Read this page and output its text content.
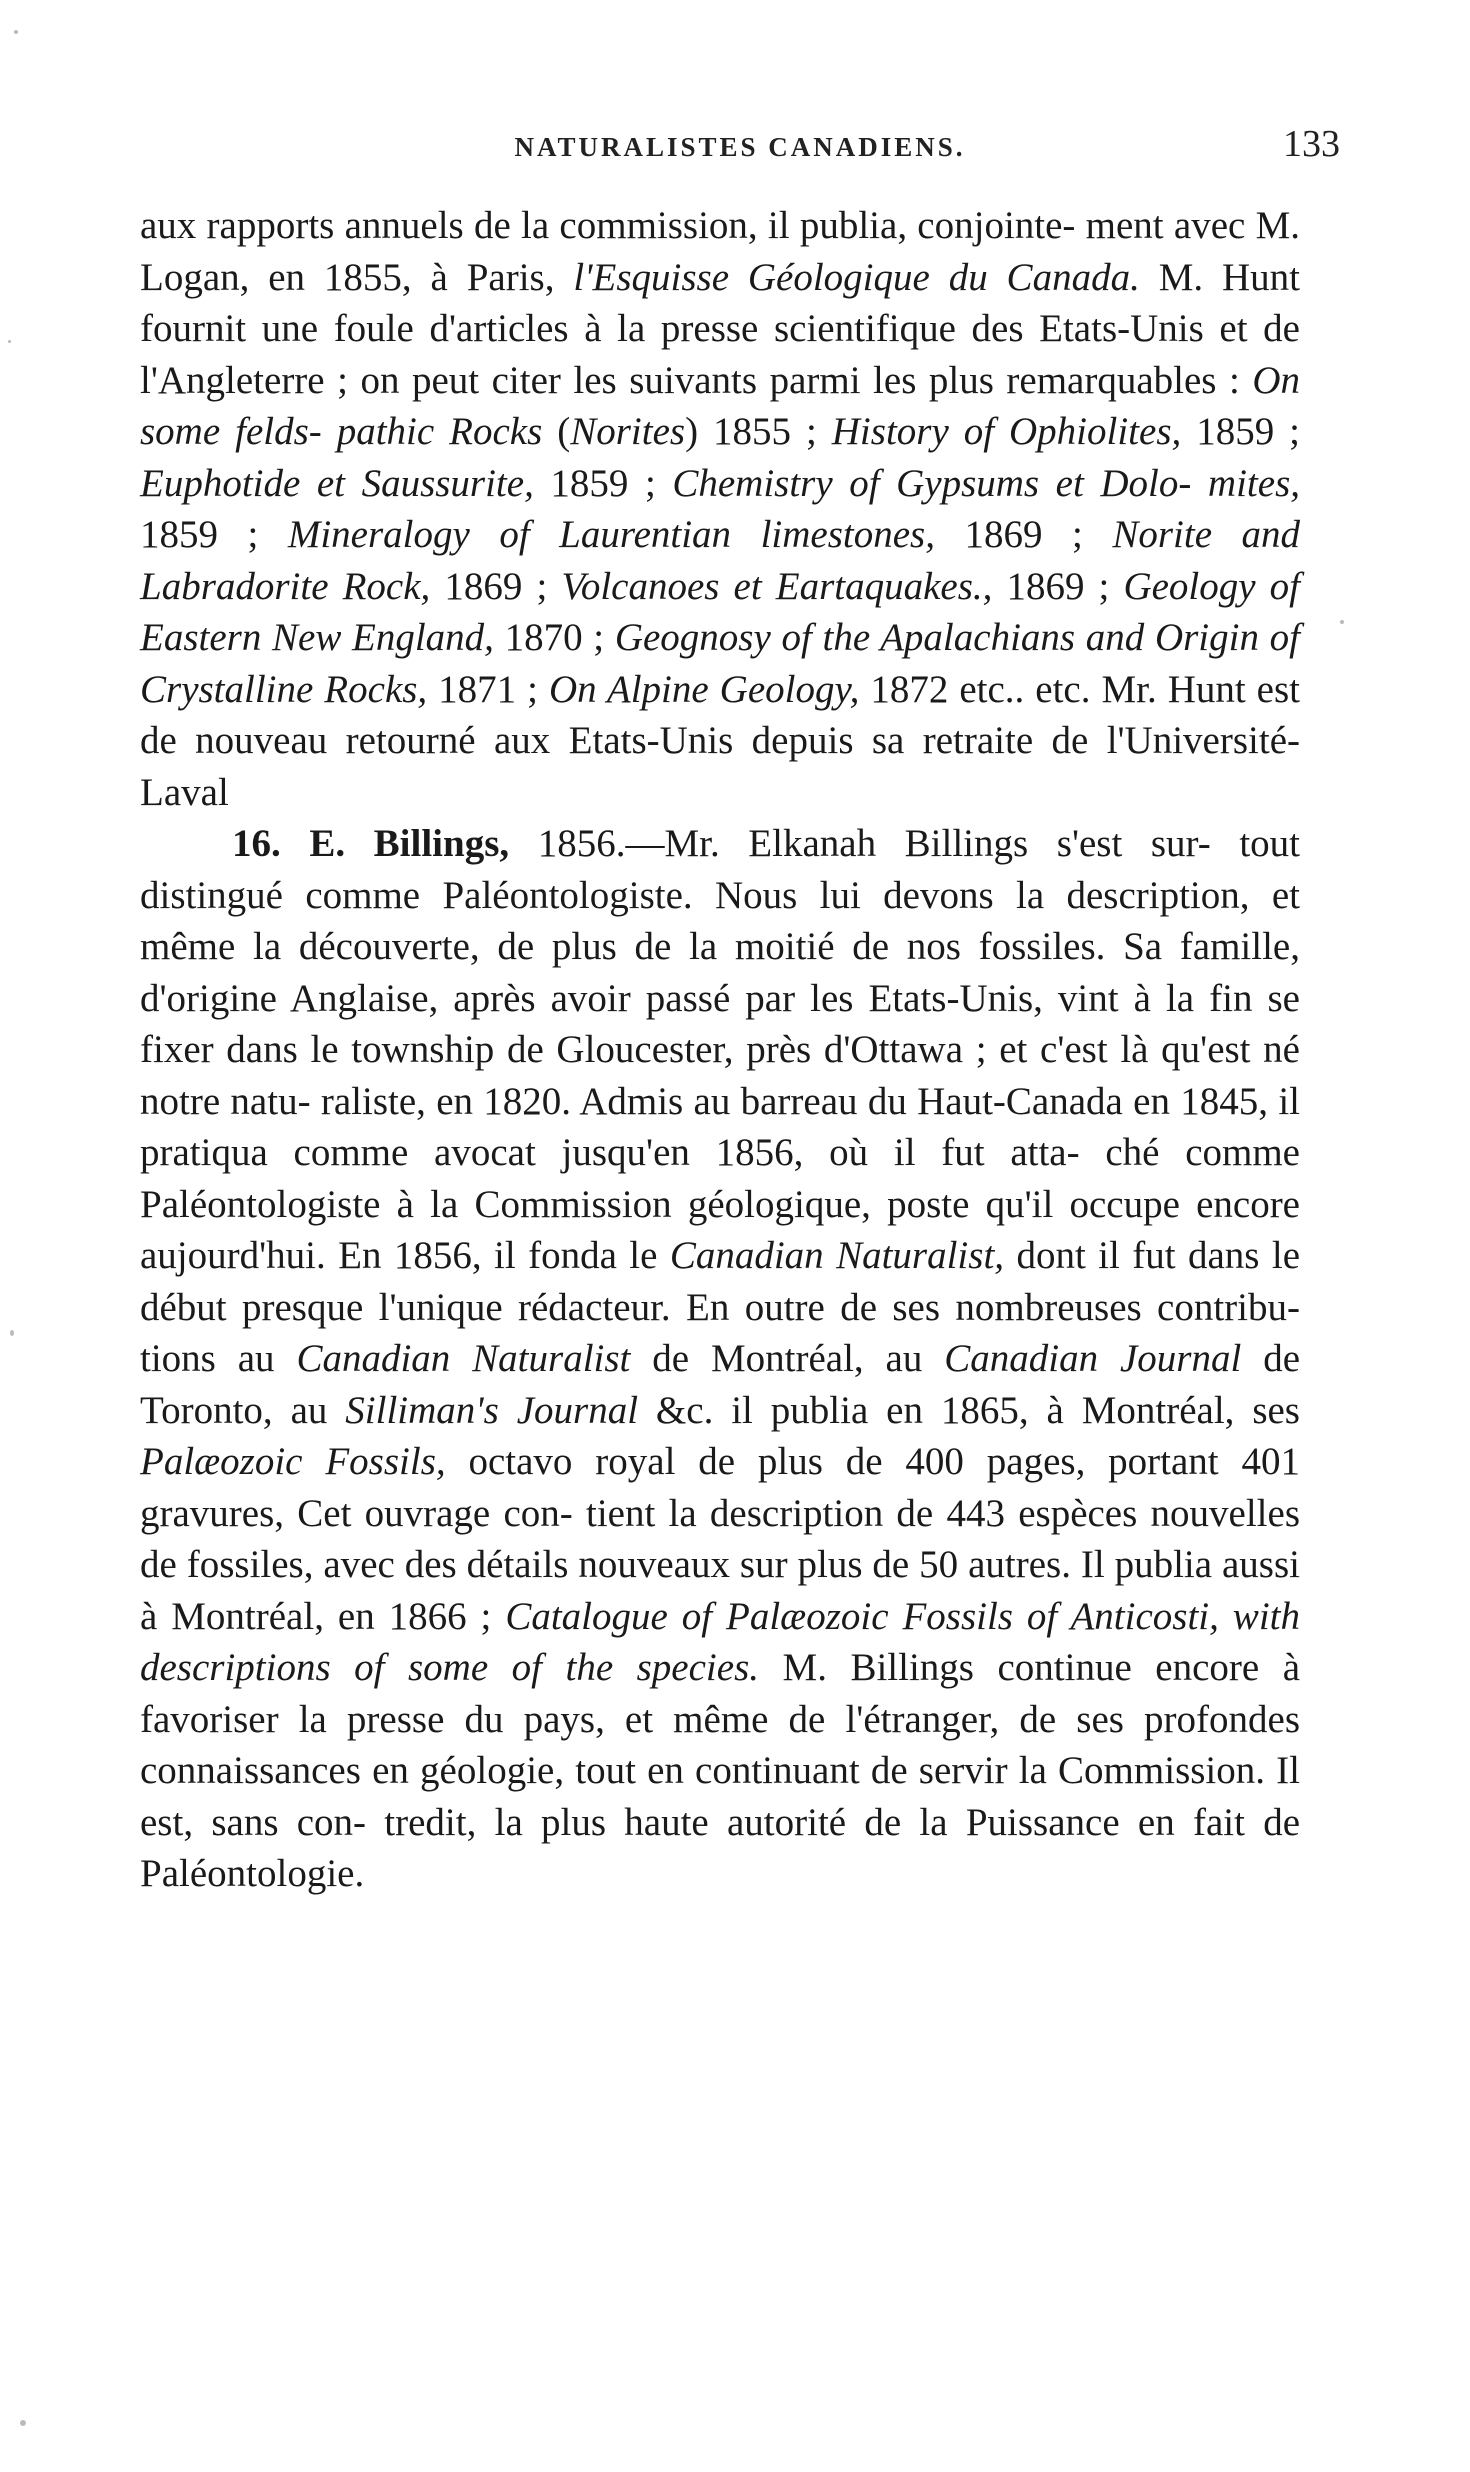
NATURALISTES CANADIENS.	133

aux rapports annuels de la commission, il publia, conjointe- ment avec M. Logan, en 1855, à Paris, l'Esquisse Géologique du Canada. M. Hunt fournit une foule d'articles à la presse scientifique des Etats-Unis et de l'Angleterre ; on peut citer les suivants parmi les plus remarquables : On some felds- pathic Rocks (Norites) 1855 ; History of Ophiolites, 1859 ; Euphotide et Saussurite, 1859 ; Chemistry of Gypsums et Dolo- mites, 1859 ; Mineralogy of Laurentian limestones, 1869 ; Norite and Labradorite Rock, 1869 ; Volcanoes et Eartaquakes., 1869 ; Geology of Eastern New England, 1870 ; Geognosy of the Apalachians and Origin of Crystalline Rocks, 1871 ; On Alpine Geology, 1872 etc.. etc. Mr. Hunt est de nouveau retourné aux Etats-Unis depuis sa retraite de l'Université- Laval

16. E. Billings, 1856.—Mr. Elkanah Billings s'est sur- tout distingué comme Paléontologiste. Nous lui devons la description, et même la découverte, de plus de la moitié de nos fossiles. Sa famille, d'origine Anglaise, après avoir passé par les Etats-Unis, vint à la fin se fixer dans le township de Gloucester, près d'Ottawa ; et c'est là qu'est né notre natu- raliste, en 1820. Admis au barreau du Haut-Canada en 1845, il pratiqua comme avocat jusqu'en 1856, où il fut atta- ché comme Paléontologiste à la Commission géologique, poste qu'il occupe encore aujourd'hui. En 1856, il fonda le Canadian Naturalist, dont il fut dans le début presque l'unique rédacteur. En outre de ses nombreuses contribu- tions au Canadian Naturalist de Montréal, au Canadian Journal de Toronto, au Silliman's Journal &c. il publia en 1865, à Montréal, ses Palæozoic Fossils, octavo royal de plus de 400 pages, portant 401 gravures, Cet ouvrage con- tient la description de 443 espèces nouvelles de fossiles, avec des détails nouveaux sur plus de 50 autres. Il publia aussi à Montréal, en 1866 ; Catalogue of Palæozoic Fossils of Anticosti, with descriptions of some of the species. M. Billings continue encore à favoriser la presse du pays, et même de l'étranger, de ses profondes connaissances en géologie, tout en continuant de servir la Commission. Il est, sans con- tredit, la plus haute autorité de la Puissance en fait de Paléontologie.
